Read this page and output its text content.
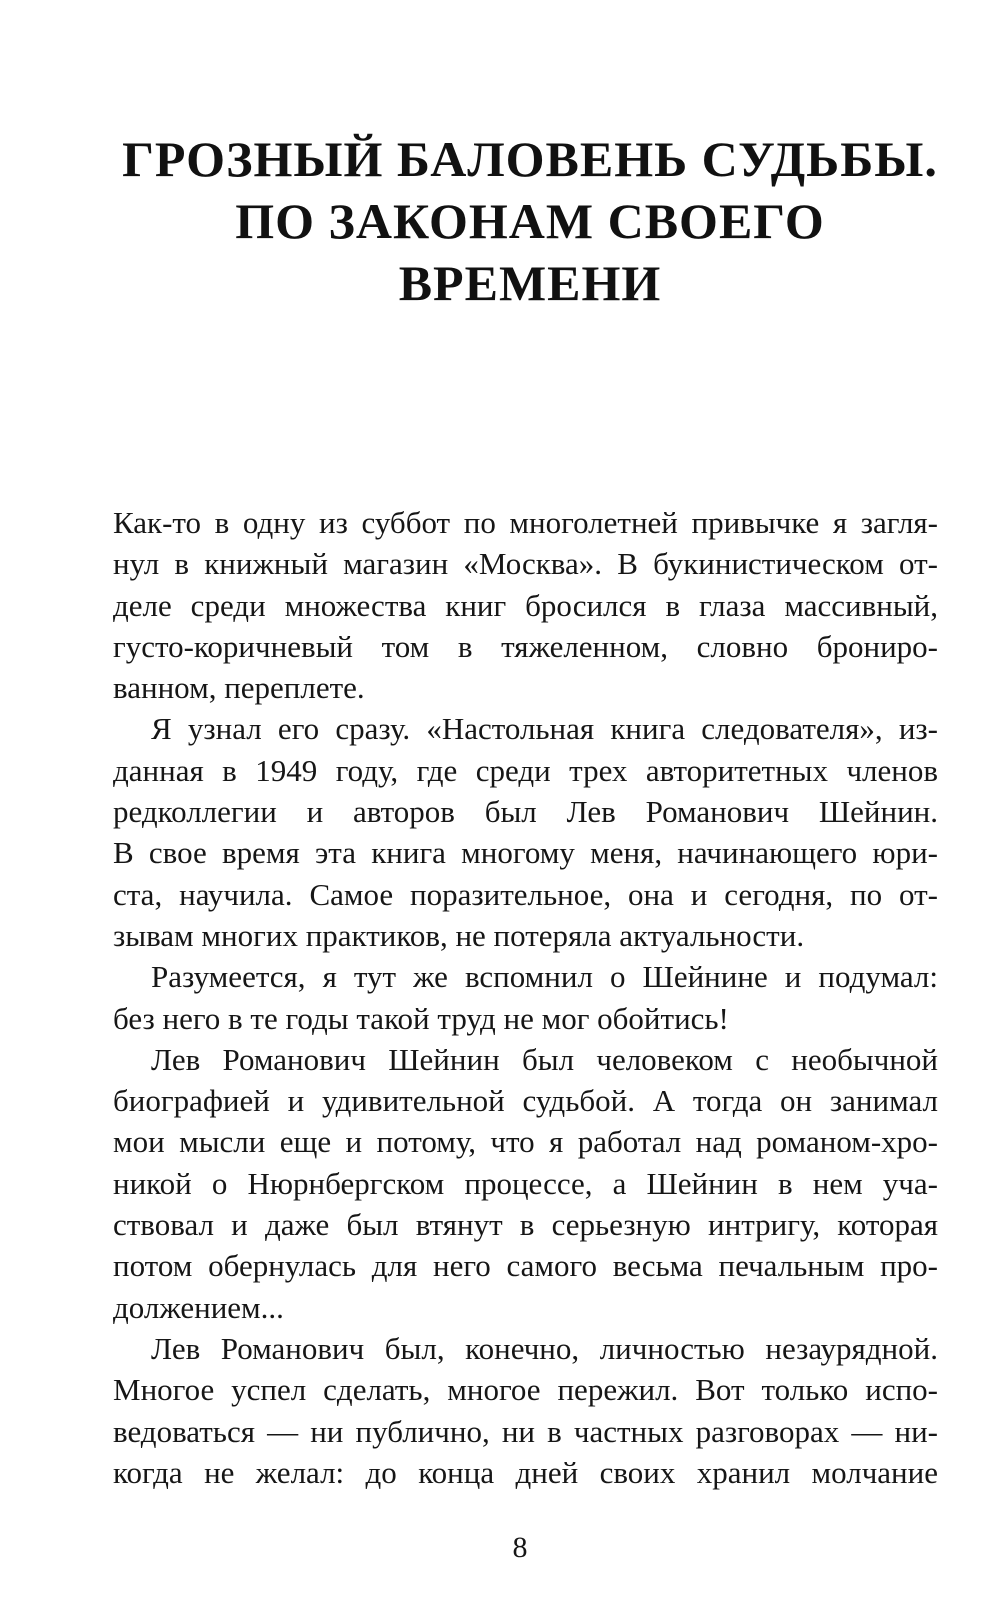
ГРОЗНЫЙ БАЛОВЕНЬ СУДЬБЫ.
ПО ЗАКОНАМ СВОЕГО ВРЕМЕНИ

Как-то в одну из суббот по многолетней привычке я загля-
нул в книжный магазин «Москва». В букинистическом от-
деле среди множества книг бросился в глаза массивный,
густо-коричневый том в тяжеленном, словно брониро-
ванном, переплете.

Я узнал его сразу. «Настольная книга следователя», из-
данная в 1949 году, где среди трех авторитетных членов
редколлегии и авторов был Лев Романович Шейнин.
В свое время эта книга многому меня, начинающего юри-
ста, научила. Самое поразительное, она и сегодня, по от-
зывам многих практиков, не потеряла актуальности.

Разумеется, я тут же вспомнил о Шейнине и подумал:
без него в те годы такой труд не мог обойтись!

Лев Романович Шейнин был человеком с необычной
биографией и удивительной судьбой. А тогда он занимал
мои мысли еще и потому, что я работал над романом-хро-
никой о Нюрнбергском процессе, а Шейнин в нем уча-
ствовал и даже был втянут в серьезную интригу, которая
потом обернулась для него самого весьма печальным про-
должением...

Лев Романович был, конечно, личностью незаурядной.
Многое успел сделать, многое пережил. Вот только испо-
ведоваться — ни публично, ни в частных разговорах — ни-
когда не желал: до конца дней своих хранил молчание

8
